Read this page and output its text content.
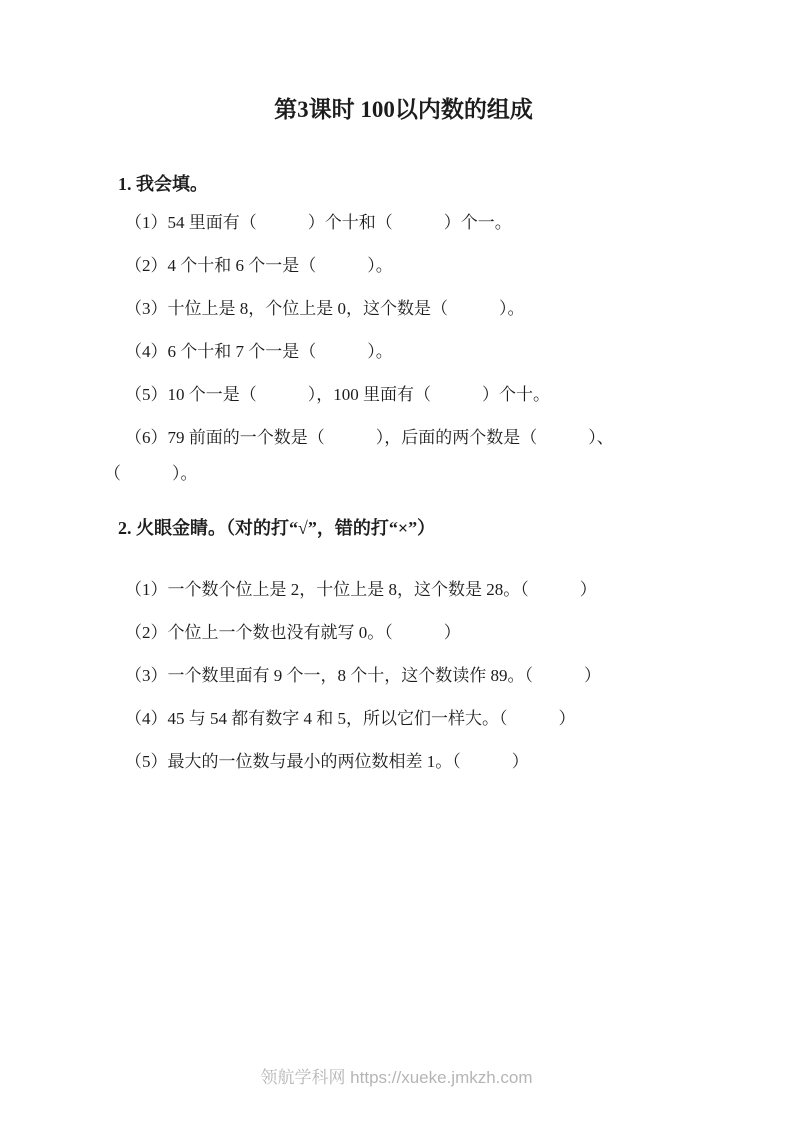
第3课时 100以内数的组成
1. 我会填。

（1）54 里面有（            ）个十和（            ）个一。

（2）4 个十和 6 个一是（            ）。

（3）十位上是 8，个位上是 0，这个数是（            ）。

（4）6 个十和 7 个一是（            ）。

（5）10 个一是（            ），100 里面有（            ）个十。

（6）79 前面的一个数是（            ），后面的两个数是（            ）、

（            ）。

2. 火眼金睛。（对的打“√”，错的打“×”）

（1）一个数个位上是 2，十位上是 8，这个数是 28。（            ）

（2）个位上一个数也没有就写 0。（            ）

（3）一个数里面有 9 个一，8 个十，这个数读作 89。（            ）

（4）45 与 54 都有数字 4 和 5，所以它们一样大。（            ）

（5）最大的一位数与最小的两位数相差 1。（            ）

领航学科网 https://xueke.jmkzh.com
